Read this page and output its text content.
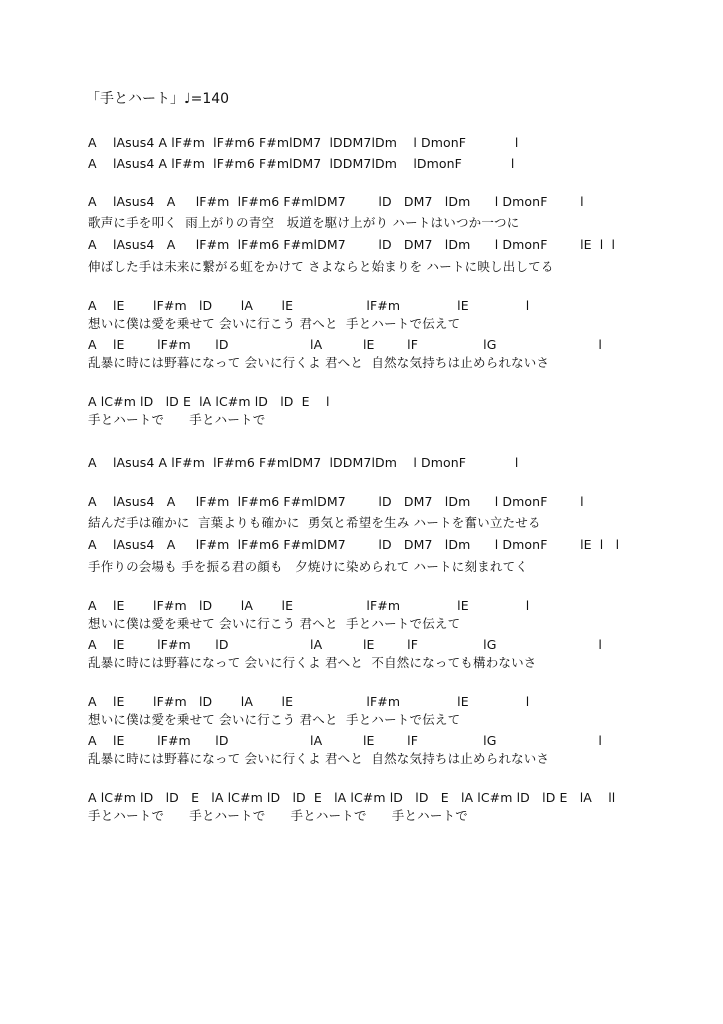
「手とハート」♩=140
A    lAsus4 A lF#m  lF#m6 F#mlDM7  lDDM7lDm    l DmonF            l
A    lAsus4 A lF#m  lF#m6 F#mlDM7  lDDM7lDm    lDmonF            l
A    lAsus4   A     lF#m  lF#m6 F#mlDM7        lD   DM7   lDm      l DmonF        l
歌声に手を叩く  雨上がりの青空   坂道を駆け上がり ハートはいつか一つに
A    lAsus4   A     lF#m  lF#m6 F#mlDM7        lD   DM7   lDm      l DmonF        lE  l  l
伸ばした手は未来に繋がる虹をかけて さよならと始まりを ハートに映し出してる
A    lE       lF#m   lD       lA       lE                  lF#m              lE              l
想いに僕は愛を乗せて 会いに行こう 君へと  手とハートで伝えて
A    lE        lF#m      lD                    lA          lE        lF                lG                         l
乱暴に時には野暮になって 会いに行くよ 君へと  自然な気持ちは止められないさ
A lC#m lD   lD E  lA lC#m lD   lD  E    l
手とハートで      手とハートで
A    lAsus4 A lF#m  lF#m6 F#mlDM7  lDDM7lDm    l DmonF            l
A    lAsus4   A     lF#m  lF#m6 F#mlDM7        lD   DM7   lDm      l DmonF        l
結んだ手は確かに  言葉よりも確かに  勇気と希望を生み ハートを奮い立たせる
A    lAsus4   A     lF#m  lF#m6 F#mlDM7        lD   DM7   lDm      l DmonF        lE  l   l
手作りの会場も 手を振る君の顔も   夕焼けに染められて ハートに刻まれてく
A    lE       lF#m   lD       lA       lE                  lF#m              lE              l
想いに僕は愛を乗せて 会いに行こう 君へと  手とハートで伝えて
A    lE        lF#m      lD                    lA          lE        lF                lG                         l
乱暴に時には野暮になって 会いに行くよ 君へと  不自然になっても構わないさ
A    lE       lF#m   lD       lA       lE                  lF#m              lE              l
想いに僕は愛を乗せて 会いに行こう 君へと  手とハートで伝えて
A    lE        lF#m      lD                    lA          lE        lF                lG                         l
乱暴に時には野暮になって 会いに行くよ 君へと  自然な気持ちは止められないさ
A lC#m lD   lD   E   lA lC#m lD   lD  E   lA lC#m lD   lD   E   lA lC#m lD   lD E   lA    ll
手とハートで      手とハートで      手とハートで      手とハートで
